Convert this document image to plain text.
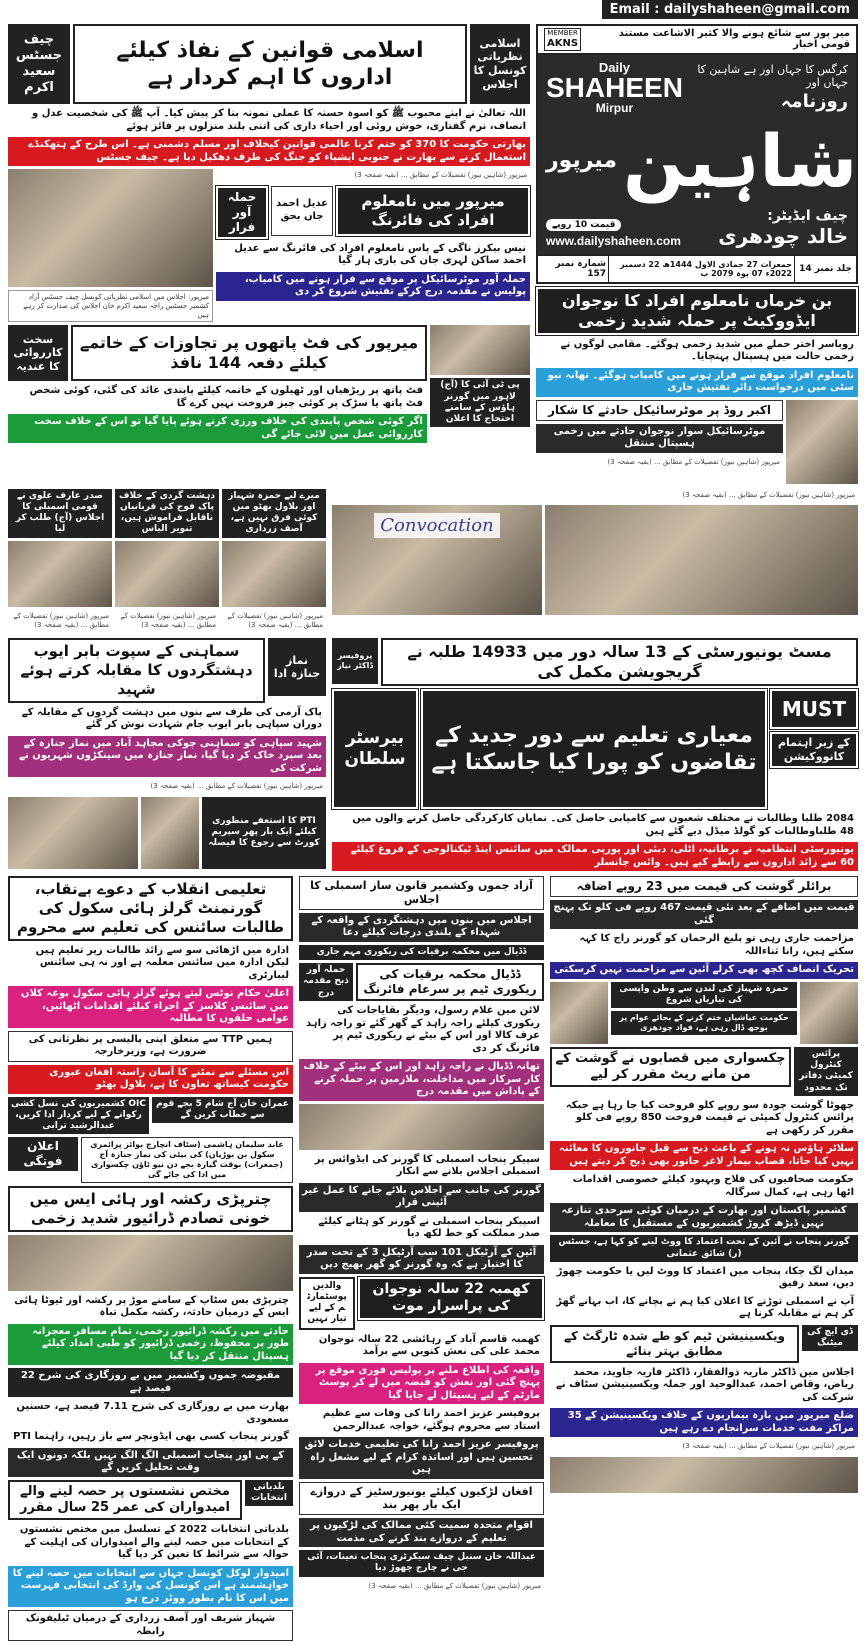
Email : dailyshaheen@gmail.com
چیف جسٹس سعید اکرم
اسلامی قوانین کے نفاذ کیلئے اداروں کا اہم کردار ہے
اسلامی نظریاتی کونسل کا اجلاس
اللہ تعالیٰ نے اپنے محبوب ﷺ کو اسوہ حسنہ کا عملی نمونہ بنا کر پیش کیا۔ آپ ﷺ کی شخصیت عدل و انصاف، نرم گفتاری، خوش روئی اور احیاء داری کی اتنی بلند منزلوں پر فائز ہوئے
بھارتی حکومت کا 370 کو ختم کرنا عالمی قوانین کیخلاف اور مسلم دشمنی ہے۔ اس طرح کے ہتھکنڈے استعمال کرنے سے بھارت نے جنوبی ایشیاء کو جنگ کی طرف دھکیل دیا ہے۔ چیف جسٹس
میرپور: اجلاس میں اسلامی نظریاتی کونسل چیف جسٹس آزاد کشمیر جسٹس راجہ سعید اکرم خان اجلاس کی صدارت کر رہے ہیں
میرپور (شاہین نیوز) تفصیلات کے مطابق ... (بقیہ صفحہ 3)
حملہ آور فرار
عدیل احمد جاں بحق
میرپور میں نامعلوم افراد کی فائرنگ
نیس بیکرز ناگی کے پاس نامعلوم افراد کی فائرنگ سے عدیل احمد ساکن لہری جان کی بازی ہار گیا
حملہ آور موٹرسائیکل پر موقع سے فرار ہونے میں کامیاب، پولیس نے مقدمہ درج کرکے تفتیش شروع کر دی
سخت کارروائی کا عندیہ
میرپور کی فٹ پاتھوں پر تجاوزات کے خاتمے کیلئے دفعہ 144 نافذ
فٹ پاتھ پر ریڑھیاں اور ٹھیلوں کے خاتمہ کیلئے پابندی عائد کی گئی، کوئی شخص فٹ پاتھ یا سڑک پر کوئی چیز فروخت نہیں کرے گا
اگر کوئی شخص پابندی کی خلاف ورزی کرتے ہوئے پایا گیا تو اس کے خلاف سخت کارروائی عمل میں لائی جائے گی
پی ٹی آئی کا (آج) لاہور میں گورنر ہاؤس کے سامنے احتجاج کا اعلان
MEMBER
AKNS
میر پور سے شائع ہونے والا کثیر الاشاعت مستند قومی اخبار
Daily
SHAHEEN
Mirpur
کرگس کا جہاں اور ہے شاہین کا جہاں اور
روزنامہ
میرپور شاہین
قیمت 10 روپے
www.dailyshaheen.com
چیف ایڈیٹر:
خالد چودھری
جلد نمبر 14
جمعرات 27 جمادی الاول 1444ھ 22 دسمبر 2022ء 07 پوہ 2079 ب
شمارہ نمبر 157
بن خرماں نامعلوم افراد کا نوجوان ایڈووکیٹ پر حملہ شدید زخمی
روباسر اختر حملے میں شدید زخمی ہوگئے۔ مقامی لوگوں نے زخمی حالت میں ہسپتال پہنچایا۔
نامعلوم افراد موقع سے فرار ہونے میں کامیاب ہوگئے۔ تھانہ نیو سٹی میں درخواست دائر تفتیش جاری
اکبر روڈ پر موٹرسائیکل حادثے کا شکار
موٹرسائیکل سوار نوجوان حادثے میں زخمی ہسپتال منتقل
میرپور (شاہین نیوز) تفصیلات کے مطابق ... (بقیہ صفحہ 3)
صدر عارف علوی نے قومی اسمبلی کا اجلاس (آج) طلب کر لیا
میرپور (شاہین نیوز) تفصیلات کے مطابق ... (بقیہ صفحہ 3)
دہشت گردی کے خلاف پاک فوج کی قربانیاں ناقابل فراموش ہیں، تنویر الیاس
میرپور (شاہین نیوز) تفصیلات کے مطابق ... (بقیہ صفحہ 3)
میرے لیے حمزہ شہباز اور بلاول بھٹو میں کوئی فرق نہیں ہے، آصف زرداری
میرپور (شاہین نیوز) تفصیلات کے مطابق ... (بقیہ صفحہ 3)
میرپور (شاہین نیوز) تفصیلات کے مطابق ... (بقیہ صفحہ 3)
Convocation
سماہنی کے سپوت بابر ایوب دہشتگردوں کا مقابلہ کرتے ہوئے شہید
نماز جنازہ ادا
پاک آرمی کی طرف سے بنوں میں دہشت گردوں کے مقابلہ کے دوران سپاہی بابر ایوب جام شہادت نوش کر گئے
شہید سپاہی کو سماہنی چوکی مجاہد آباد میں نماز جنازہ کے بعد سپرد خاک کر دیا گیا، نماز جنازہ میں سینکڑوں شہریوں نے شرکت کی
میرپور (شاہین نیوز) تفصیلات کے مطابق ... (بقیہ صفحہ 3)
PTI کا استعفے منظوری کیلئے ایک بار پھر سپریم کورٹ سے رجوع کا فیصلہ
پروفیسر ڈاکٹر نیاز
مسٹ یونیورسٹی کے 13 سالہ دور میں 14933 طلبہ نے گریجویشن مکمل کی
بیرسٹر سلطان
معیاری تعلیم سے دور جدید کے تقاضوں کو پورا کیا جاسکتا ہے
MUST
کے زیر اہتمام کانووکیشن
2084 طلبا وطالبات نے مختلف شعبوں سے کامیابی حاصل کی۔ نمایاں کارکردگی حاصل کرنے والوں میں 48 طلباوطالبات کو گولڈ میڈل دیے گئے ہیں
یونیورسٹی انتظامیہ نے برطانیہ، اٹلی، دبئی اور یورپی ممالک میں سائنس اینڈ ٹیکنالوجی کے فروغ کیلئے 60 سے زائد اداروں سے رابطے کیے ہیں۔ وائس چانسلر
تعلیمی انقلاب کے دعوے بےنقاب، گورنمنٹ گرلز ہائی سکول کی طالبات سائنس کی تعلیم سے محروم
ادارہ میں اڑھائی سو سے زائد طالبات زیر تعلیم ہیں لیکن ادارہ میں سائنس معلمہ ہے اور نہ ہی سائنس لیبارٹری
اعلیٰ حکام نوٹس لیتے ہوئے گرلز ہائی سکول بوعہ کلاں میں سائنس کلاسز کے اجراء کیلئے اقدامات اٹھائیں، عوامی حلقوں کا مطالبہ
ہمیں TTP سے متعلق اپنی پالیسی پر نظرثانی کی ضرورت ہے، وزیرخارجہ
اس مسئلے سے نمٹنے کا آسان راستہ افغان عبوری حکومت کیساتھ تعاون کا ہے، بلاول بھٹو
OIC کشمیریوں کی نسل کشی رکوانے کے لیے کردار ادا کریں، عبدالرشید ترابی
عمران خان آج شام 5 بجے قوم سے خطاب کریں گے
اعلان فوتگی
عابد سلیمان ہاشمی (سٹاف انچارج بوائز پرائمری سکول بن بوڑیاں) کی بیٹی کی نماز جنازہ آج (جمعرات) بوقت گیارہ بجے دن نیو ٹاؤن چکسواری میں ادا کی جائے گی
چترپڑی رکشہ اور ہائی ایس میں خونی تصادم ڈرائیور شدید زخمی
چترپڑی بس سٹاپ کے سامنے موڑ پر رکشہ اور ٹیوٹا ہائی ایس کے درمیان حادثہ، رکشہ مکمل تباہ
حادثے میں رکشہ ڈرائیور زخمی، تمام مسافر معجزانہ طور پر محفوظ، زخمی ڈرائیور کو طبی امداد کیلئے ہسپتال منتقل کر دیا گیا
مقبوضہ جموں وکشمیر میں بے روزگاری کی شرح 22 فیصد ہے
بھارت میں بے روزگاری کی شرح 7.11 فیصد ہے، حسنین مسعودی
گورنر پنجاب کسی بھی ایڈونچر سے باز رہیں، راہنما PTI
کے پی اور پنجاب اسمبلی الگ الگ نہیں بلکہ دونوں ایک وقت تحلیل کریں گے
مختص نشستوں پر حصہ لینے والے امیدواران کی عمر 25 سال مقرر
بلدیاتی انتخابات
بلدیاتی انتخابات 2022 کے تسلسل میں مختص نشستوں کے انتخابات میں حصہ لینے والے امیدواران کی اہلیت کے حوالہ سے شرائط کا تعین کر دیا گیا
امیدوار لوکل کونسل جہاں سے انتخابات میں حصہ لینے کا خواہشمند ہے اس کونسل کی وارڈ کی انتخابی فہرست میں اس کا نام بطور ووٹر درج ہو
شہباز شریف اور آصف زرداری کے درمیان ٹیلیفونک رابطہ
آزاد جموں وکشمیر قانون ساز اسمبلی کا اجلاس
اجلاس میں بنوں میں دہشتگردی کے واقعہ کے شہداء کے بلندی درجات کیلئے دعا
ڈڈیال میں محکمہ برقیات کی ریکوری مہم جاری
حملہ آور ذبح مقدمہ درج
ڈڈیال محکمہ برقیات کی ریکوری ٹیم پر سرعام فائرنگ
لائن مین غلام رسول، ودیگر بقایاجات کی ریکوری کیلئے راجہ زاہد کے گھر گئے تو راجہ زاہد عرف کالا اور اس کے بیٹے نے ریکوری ٹیم پر فائرنگ کر دی
تھانہ ڈڈیال نے راجہ زاہد اور اس کے بیٹے کے خلاف کار سرکار میں مداخلت، ملازمین پر حملہ کرنے کے پاداش میں مقدمہ درج
سپیکر پنجاب اسمبلی کا گورنر کی ایڈوائس پر اسمبلی اجلاس بلانے سے انکار
گورنر کی جانب سے اجلاس بلائے جانے کا عمل غیر آئینی قرار
اسپیکر پنجاب اسمبلی نے گورنر کو ہٹانے کیلئے صدر مملکت کو خط لکھ دیا
آئین کے آرٹیکل 101 سب آرٹیکل 3 کے تحت صدر کا اختیار ہے کہ وہ گورنر کو گھر بھیج دیں
والدین پوسٹمارٹم کے لیے تیار نہیں
کھمبہ 22 سالہ نوجوان کی پراسرار موت
کھمبہ قاسم آباد کے رہائشی 22 سالہ نوجوان محمد علی کی نعش کنویں سے برآمد
واقعہ کی اطلاع ملنے پر پولیس فوری موقع پر پہنچ گئی اور نعش کو قبضہ میں لے کر پوسٹ مارٹم کے لیے ہسپتال لے جایا گیا
پروفیسر عزیز احمد رانا کی وفات سے عظیم استاد سے محروم ہوگئے، خواجہ عبدالرحمن
پروفیسر عزیز احمد رانا کی تعلیمی خدمات لائق تحسین ہیں اور اساتذہ کرام کے لیے مشعل راہ ہیں
افغان لڑکیوں کیلئے یونیورسٹیز کے دروازے ایک بار پھر بند
اقوام متحدہ سمیت کئی ممالک کی لڑکیوں پر تعلیم کے دروازے بند کرنے کی مذمت
عبداللہ خان سنبل چیف سیکرٹری پنجاب تعینات، آئی جی نے چارج چھوڑ دیا
میرپور (شاہین نیوز) تفصیلات کے مطابق ... (بقیہ صفحہ 3)
برائلر گوشت کی قیمت میں 23 روپے اضافہ
قیمت میں اضافے کے بعد نئی قیمت 467 روپے فی کلو تک پہنچ گئی
مزاحمت جاری رہی تو بلیغ الرحمان کو گورنر راج کا کہہ سکتے ہیں، رانا ثناءاللہ
تحریک انصاف کچھ بھی کرلے آئین سے مزاحمت نہیں کرسکتی
حمزہ شہباز کی لندن سے وطن واپسی کی تیاریاں شروع
حکومت عیاشیاں ختم کرنے کے بجائے عوام پر بوجھ ڈال رہی ہے، فواد چودھری
چکسواری میں قصابوں نے گوشت کے من مانے ریٹ مقرر کر لیے
پرائس کنٹرول کمیٹی دفاتر تک محدود
چھوٹا گوشت چودہ سو روپے کلو فروخت کیا جا رہا ہے جبکہ پرائس کنٹرول کمیٹی نے قیمت فروخت 850 روپے فی کلو مقرر کر رکھی ہے
سلاٹر ہاؤس نہ ہونے کے باعث ذبح سے قبل جانوروں کا معائنہ نہیں کیا جاتا، قصاب بیمار لاغر جانور بھی ذبح کر دیتے ہیں
حکومت صحافیوں کی فلاح وبہبود کیلئے خصوصی اقدامات اٹھا رہی ہے، کمال سرگالہ
کشمیر پاکستان اور بھارت کے درمیان کوئی سرحدی تنازعہ نہیں ڈیڑھ کروڑ کشمیریوں کے مستقبل کا معاملہ
گورنر پنجاب نے آئین کے تحت اعتماد کا ووٹ لینے کو کہا ہے، جسٹس (ر) شائق عثمانی
میدان لگ چکا، پنجاب میں اعتماد کا ووٹ لیں یا حکومت چھوڑ دیں، سعد رفیق
آپ نے اسمبلی توڑنے کا اعلان کیا ہم نے بچانے کا، اب بہانے گھڑ کر ہم نے مقابلہ کرنا ہے
ویکسینیشن ٹیم کو طے شدہ ٹارگٹ کے مطابق بہتر بنائے
ڈی ایچ کی میٹنگ
اجلاس میں ڈاکٹر ماریہ ذوالفقار، ڈاکٹر فاریہ جاوید، محمد ریاض، وقاص احمد، عبدالوحید اور جملہ ویکسینیشن سٹاف نے شرکت کی
ضلع میرپور میں بارہ بیماریوں کے خلاف ویکسینیشن کے 35 مراکز مفت خدمات سرانجام دے رہے ہیں
میرپور (شاہین نیوز) تفصیلات کے مطابق ... (بقیہ صفحہ 3)
